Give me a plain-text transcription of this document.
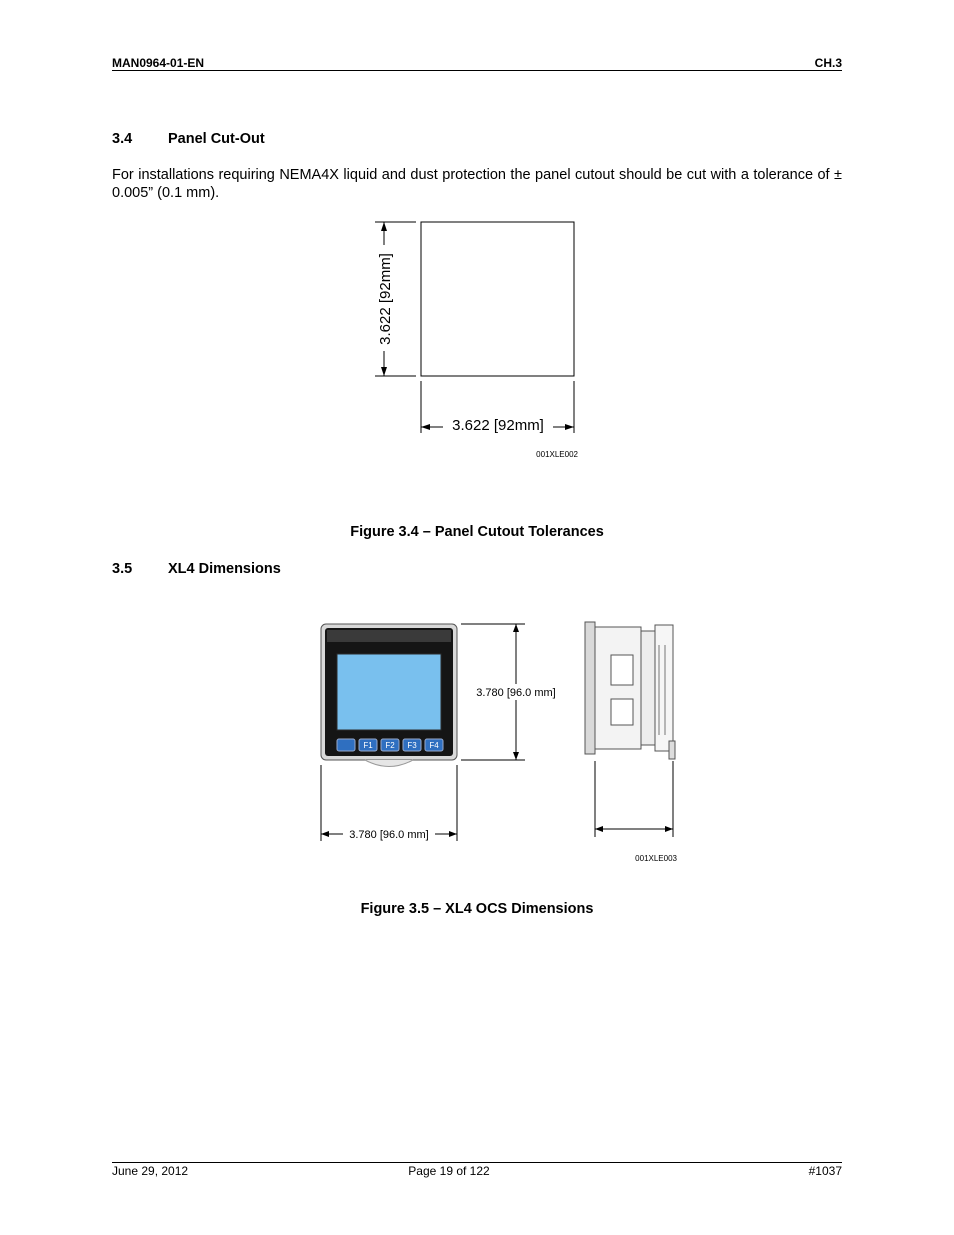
MAN0964-01-EN	CH.3
3.4 Panel Cut-Out
For installations requiring NEMA4X liquid and dust protection the panel cutout should be cut with a tolerance of ± 0.005” (0.1 mm).
3.622 [92mm]
3.622 [92mm]
001XLE002
Figure 3.4 – Panel Cutout Tolerances
3.5 XL4 Dimensions
F1 F2 F3 F4
3.780 [96.0 mm]
3.780 [96.0 mm]
001XLE003
Figure 3.5 – XL4 OCS Dimensions
June 29, 2012	Page 19 of 122	#1037
